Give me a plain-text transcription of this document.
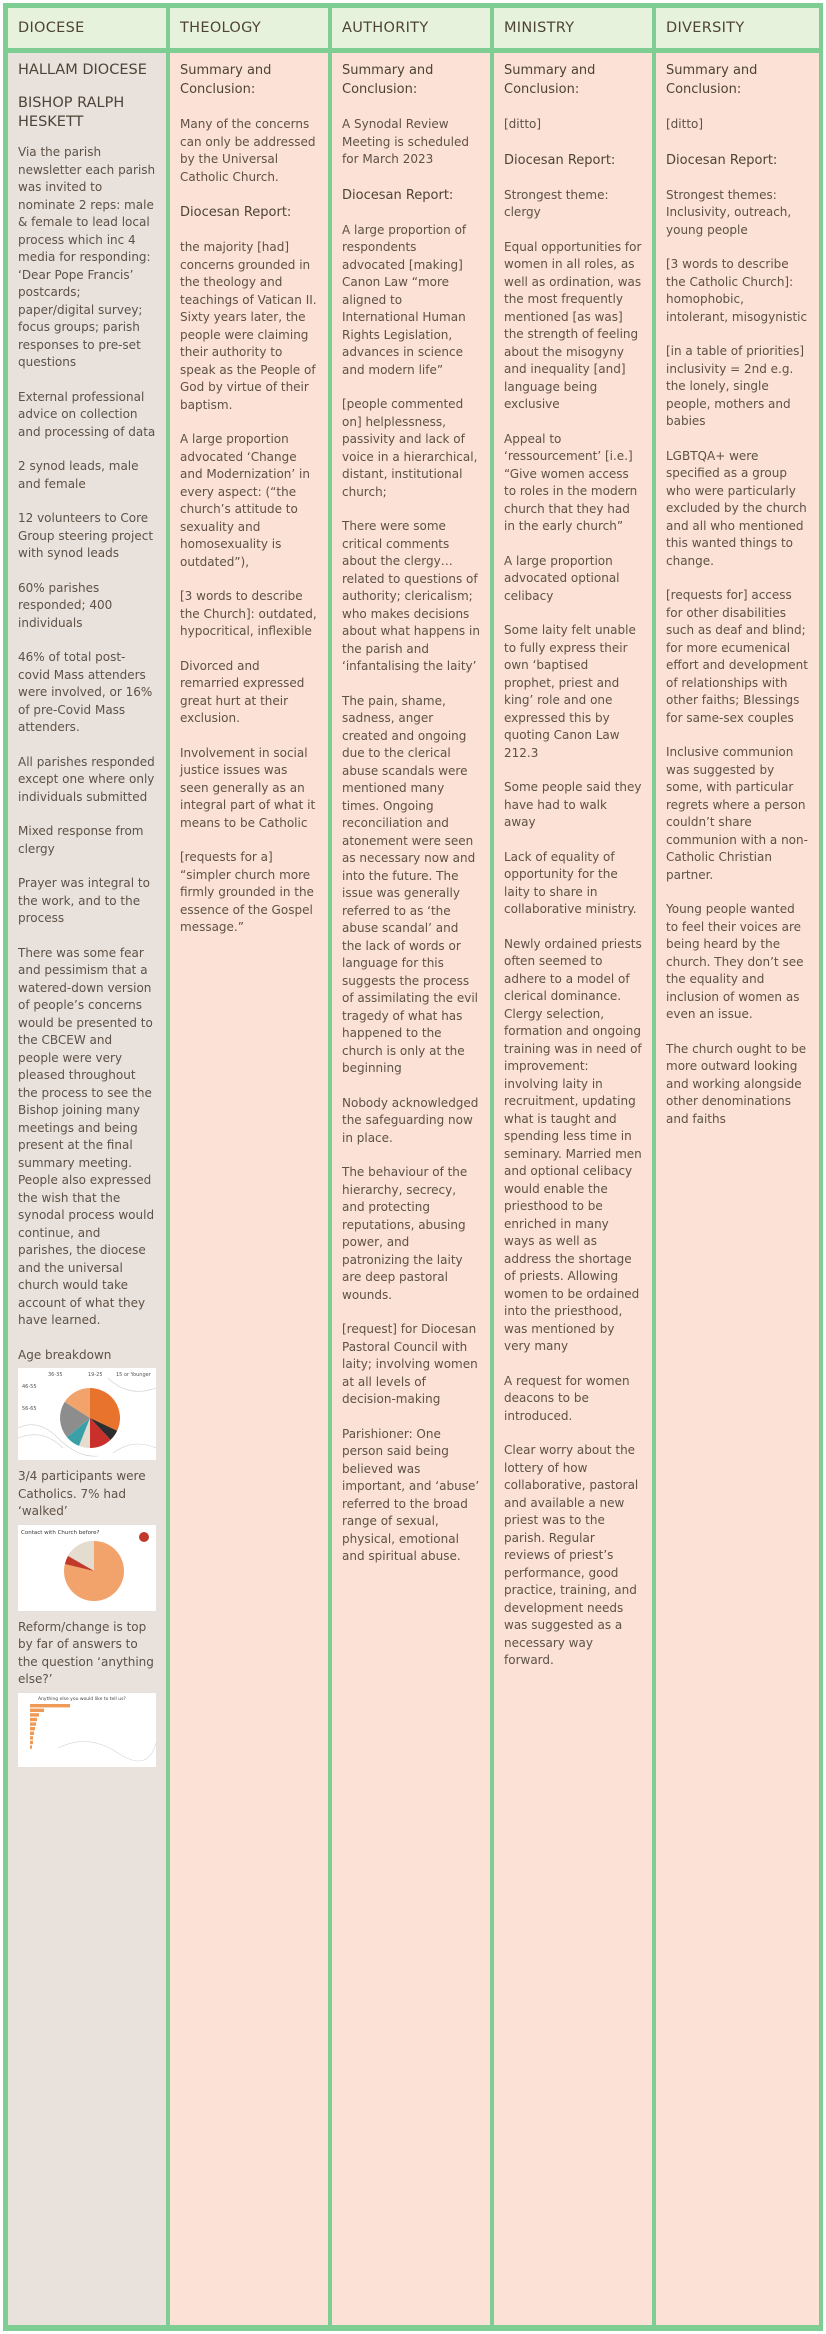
DIOCESE

HALLAM DIOCESE

BISHOP RALPH HESKETT

Via the parish newsletter each parish was invited to nominate 2 reps: male & female to lead local process which inc 4 media for responding: ‘Dear Pope Francis’ postcards; paper/digital survey; focus groups; parish responses to pre-set questions

External professional advice on collection and processing of data

2 synod leads, male and female

12 volunteers to Core Group steering project with synod leads

60% parishes responded; 400 individuals

46% of total post-covid Mass attenders were involved, or 16% of pre-Covid Mass attenders.

All parishes responded except one where only individuals submitted

Mixed response from clergy

Prayer was integral to the work, and to the process

There was some fear and pessimism that a watered-down version of people’s concerns would be presented to the CBCEW and people were very pleased throughout the process to see the Bishop joining many meetings and being present at the final summary meeting. People also expressed the wish that the synodal process would continue, and parishes, the diocese and the universal church would take account of what they have learned.

Age breakdown

36-35	19-25	15 or Younger
46-55
56-65

3/4 participants were Catholics. 7% had ‘walked’

Contact with Church before?

Reform/change is top by far of answers to the question ‘anything else?’

Anything else you would like to tell us?
THEOLOGY

Summary and Conclusion:

Many of the concerns can only be addressed by the Universal Catholic Church.

Diocesan Report:

the majority [had] concerns grounded in the theology and teachings of Vatican II. Sixty years later, the people were claiming their authority to speak as the People of God by virtue of their baptism.

A large proportion advocated ‘Change and Modernization’ in every aspect: (“the church’s attitude to sexuality and homosexuality is outdated”),

[3 words to describe the Church]: outdated, hypocritical, inflexible

Divorced and remarried expressed great hurt at their exclusion.

Involvement in social justice issues was seen generally as an integral part of what it means to be Catholic

[requests for a] “simpler church more firmly grounded in the essence of the Gospel message.”

AUTHORITY

Summary and Conclusion:

A Synodal Review Meeting is scheduled for March 2023

Diocesan Report:

A large proportion of respondents advocated [making] Canon Law “more aligned to International Human Rights Legislation, advances in science and modern life”

[people commented on] helplessness, passivity and lack of voice in a hierarchical, distant, institutional church;

There were some critical comments about the clergy… related to questions of authority; clericalism; who makes decisions about what happens in the parish and ‘infantalising the laity’

The pain, shame, sadness, anger created and ongoing due to the clerical abuse scandals were mentioned many times. Ongoing reconciliation and atonement were seen as necessary now and into the future. The issue was generally referred to as ‘the abuse scandal’ and the lack of words or language for this suggests the process of assimilating the evil tragedy of what has happened to the church is only at the beginning

Nobody acknowledged the safeguarding now in place.

The behaviour of the hierarchy, secrecy, and protecting reputations, abusing power, and patronizing the laity are deep pastoral wounds.

[request] for Diocesan Pastoral Council with laity; involving women at all levels of decision-making

Parishioner: One person said being believed was important, and ‘abuse’ referred to the broad range of sexual, physical, emotional and spiritual abuse.

MINISTRY

Summary and Conclusion:

[ditto]

Diocesan Report:

Strongest theme: clergy

Equal opportunities for women in all roles, as well as ordination, was the most frequently mentioned [as was] the strength of feeling about the misogyny and inequality [and] language being exclusive

Appeal to ‘ressourcement’ [i.e.] “Give women access to roles in the modern church that they had in the early church”

A large proportion advocated optional celibacy

Some laity felt unable to fully express their own ‘baptised prophet, priest and king’ role and one expressed this by quoting Canon Law 212.3

Some people said they have had to walk away

Lack of equality of opportunity for the laity to share in collaborative ministry.

Newly ordained priests often seemed to adhere to a model of clerical dominance. Clergy selection, formation and ongoing training was in need of improvement: involving laity in recruitment, updating what is taught and spending less time in seminary. Married men and optional celibacy would enable the priesthood to be enriched in many ways as well as address the shortage of priests. Allowing women to be ordained into the priesthood, was mentioned by very many

A request for women deacons to be introduced.

Clear worry about the lottery of how collaborative, pastoral and available a new priest was to the parish. Regular reviews of priest’s performance, good practice, training, and development needs was suggested as a necessary way forward.

DIVERSITY

Summary and Conclusion:

[ditto]

Diocesan Report:

Strongest themes: Inclusivity, outreach, young people

[3 words to describe the Catholic Church]: homophobic, intolerant, misogynistic

[in a table of priorities] inclusivity = 2nd e.g. the lonely, single people, mothers and babies

LGBTQA+ were specified as a group who were particularly excluded by the church and all who mentioned this wanted things to change.

[requests for] access for other disabilities such as deaf and blind; for more ecumenical effort and development of relationships with other faiths; Blessings for same-sex couples

Inclusive communion was suggested by some, with particular regrets where a person couldn’t share communion with a non- Catholic Christian partner.

Young people wanted to feel their voices are being heard by the church. They don’t see the equality and inclusion of women as even an issue.

The church ought to be more outward looking and working alongside other denominations and faiths
